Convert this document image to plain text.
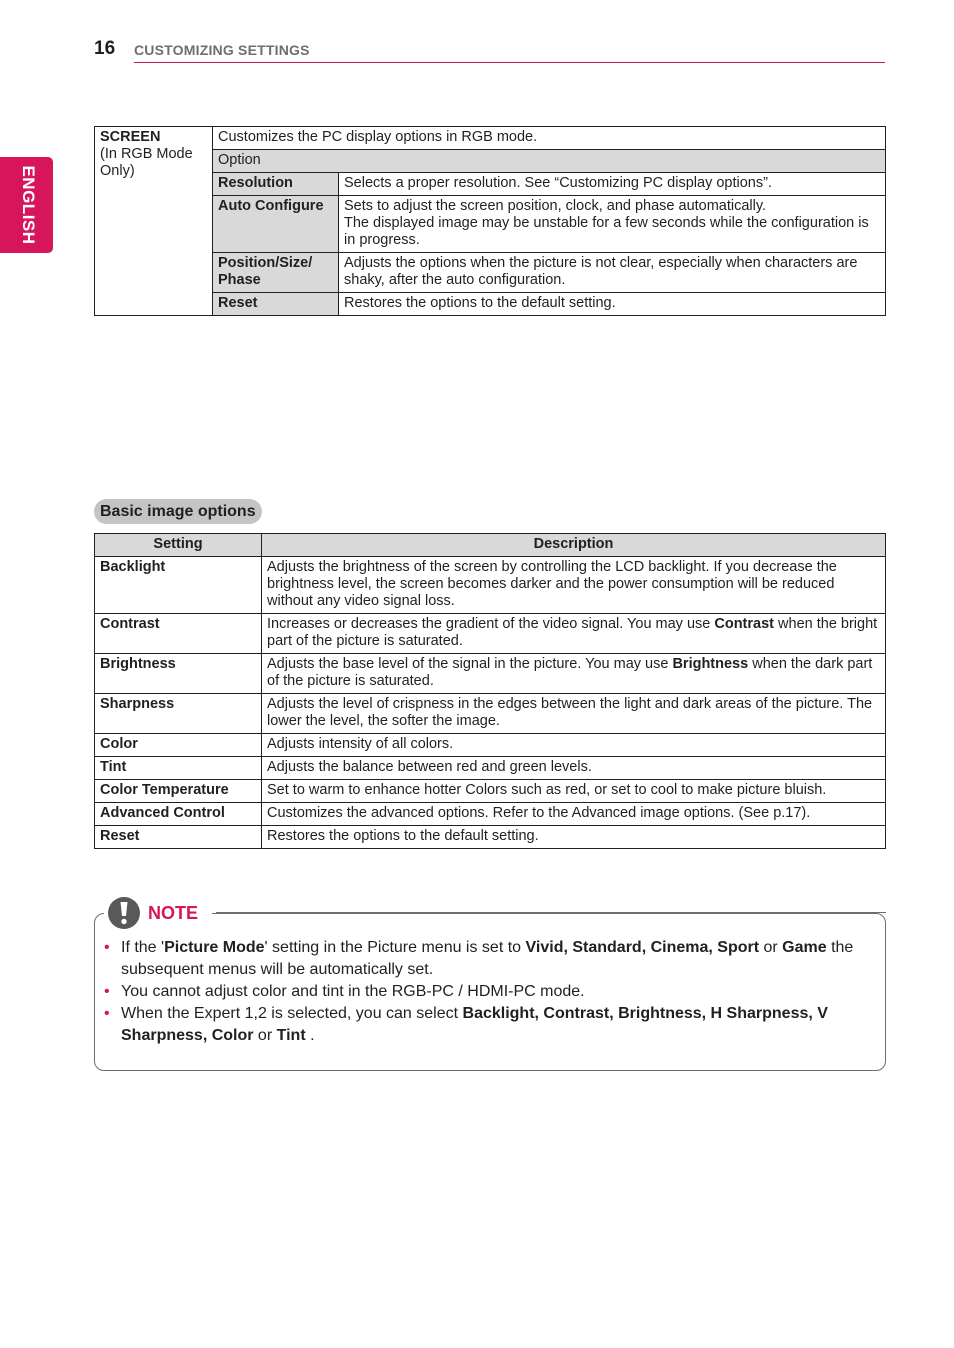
16 CUSTOMIZING SETTINGS
ENGLISH
SCREEN
(In RGB Mode Only)	Customizes the PC display options in RGB mode.	
	Option	
	Resolution	Selects a proper resolution. See “Customizing PC display options”.
	Auto Configure	Sets to adjust the screen position, clock, and phase automatically.
The displayed image may be unstable for a few seconds while the configuration is in progress.
	Position/Size/ Phase	Adjusts the options when the picture is not clear, especially when characters are shaky, after the auto configuration.
	Reset	Restores the options to the default setting.
Basic image options
Setting	Description
Backlight	Adjusts the brightness of the screen by controlling the LCD backlight. If you decrease the brightness level, the screen becomes darker and the power consumption will be reduced without any video signal loss.
Contrast	Increases or decreases the gradient of the video signal. You may use Contrast when the bright part of the picture is saturated.
Brightness	Adjusts the base level of the signal in the picture. You may use Brightness when the dark part of the picture is saturated.
Sharpness	Adjusts the level of crispness in the edges between the light and dark areas of the picture. The lower the level, the softer the image.
Color	Adjusts intensity of all colors.
Tint	Adjusts the balance between red and green levels.
Color Temperature	Set to warm to enhance hotter Colors such as red, or set to cool to make picture bluish.
Advanced Control	Customizes the advanced options. Refer to the Advanced image options. (See p.17).
Reset	Restores the options to the default setting.
NOTE
• If the 'Picture Mode' setting in the Picture menu is set to Vivid, Standard, Cinema, Sport or Game the subsequent menus will be automatically set.
• You cannot adjust color and tint in the RGB-PC / HDMI-PC mode.
• When the Expert 1,2 is selected, you can select Backlight, Contrast, Brightness, H Sharpness, V Sharpness, Color or Tint .
